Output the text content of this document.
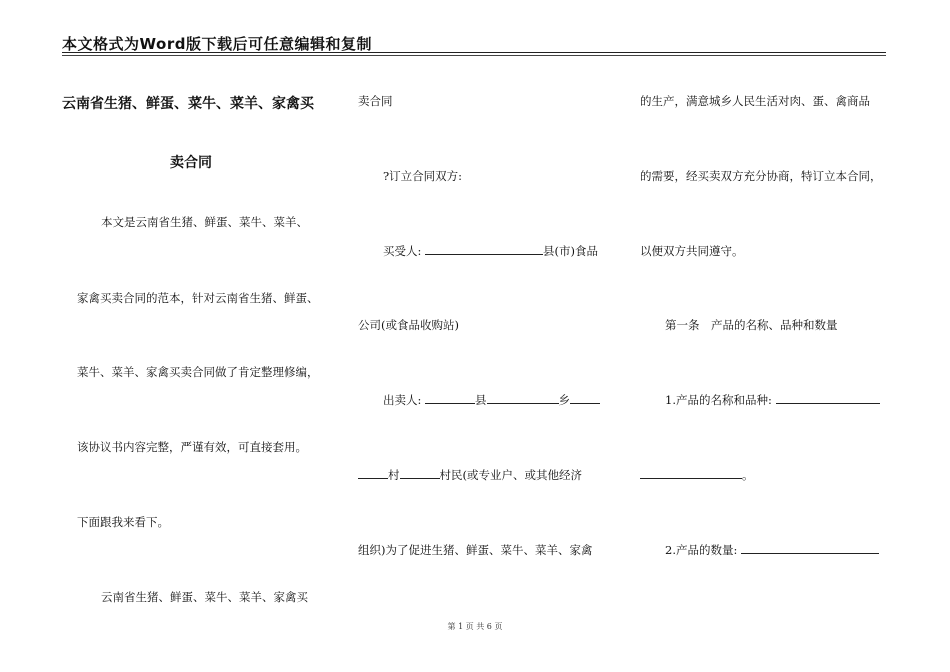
本文格式为Word版下载后可任意编辑和复制
云南省生猪、鲜蛋、菜牛、菜羊、家禽买
卖合同
本文是云南省生猪、鲜蛋、菜牛、菜羊、
家禽买卖合同的范本，针对云南省生猪、鲜蛋、
菜牛、菜羊、家禽买卖合同做了肯定整理修编，
该协议书内容完整，严谨有效，可直接套用。
下面跟我来看下。
云南省生猪、鲜蛋、菜牛、菜羊、家禽买
卖合同
?订立合同双方:
买受人:	县(市)食品
公司(或食品收购站)
出卖人:	县	乡
村	村民(或专业户、或其他经济
组织)为了促进生猪、鲜蛋、菜牛、菜羊、家禽
的生产，满意城乡人民生活对肉、蛋、禽商品
的需要，经买卖双方充分协商，特订立本合同，
以便双方共同遵守。
第一条　产品的名称、品种和数量
1.产品的名称和品种:
。
2.产品的数量:
第 1 页 共 6 页
